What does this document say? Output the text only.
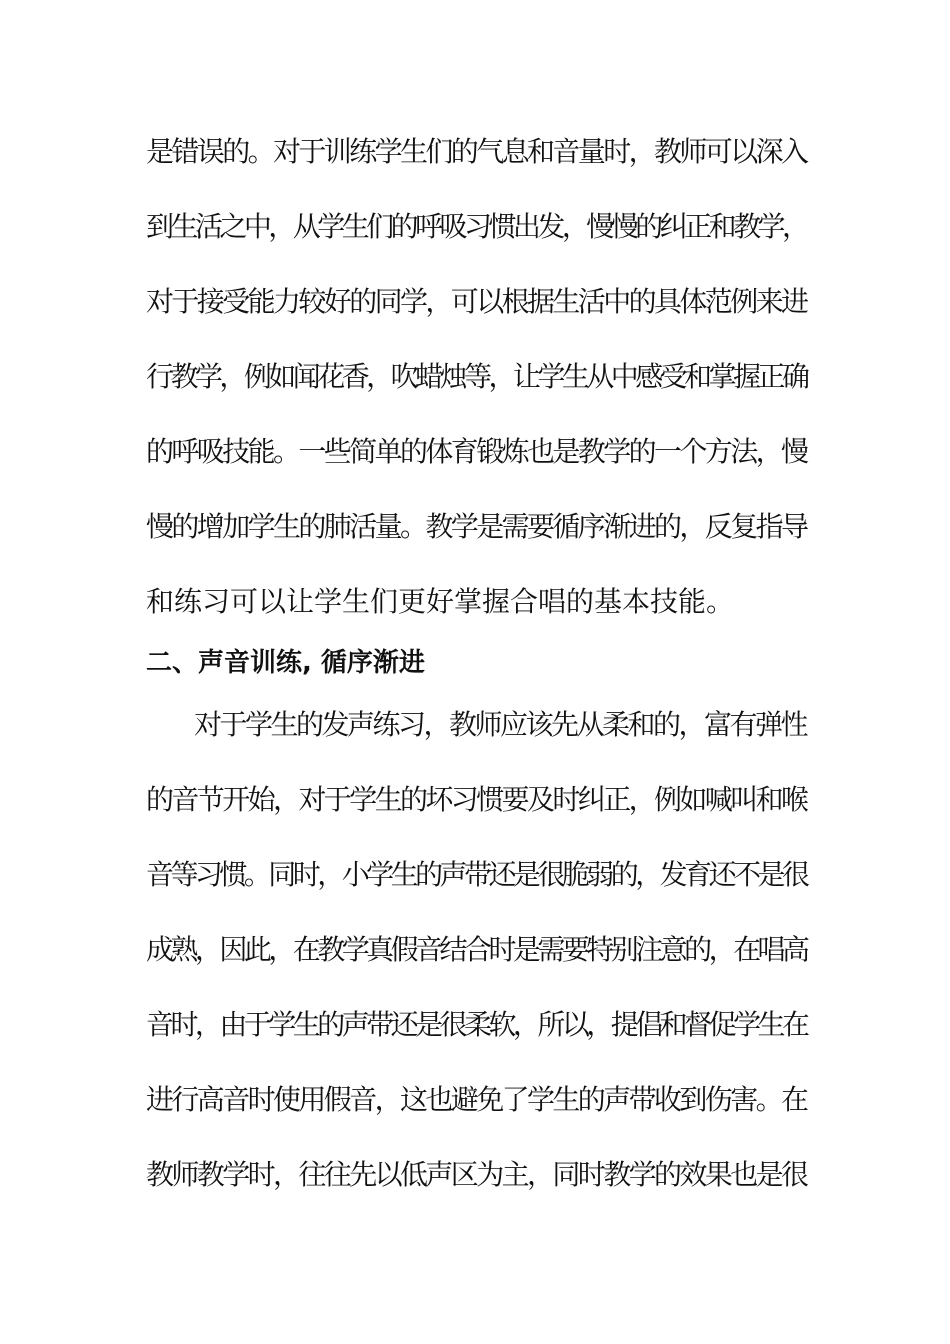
是错误的。对于训练学生们的气息和音量时，教师可以深入
到生活之中，从学生们的呼吸习惯出发，慢慢的纠正和教学，
对于接受能力较好的同学，可以根据生活中的具体范例来进
行教学，例如闻花香，吹蜡烛等，让学生从中感受和掌握正确
的呼吸技能。一些简单的体育锻炼也是教学的一个方法，慢
慢的增加学生的肺活量。教学是需要循序渐进的，反复指导
和练习可以让学生们更好掌握合唱的基本技能。
二、声音训练, 循序渐进
对于学生的发声练习，教师应该先从柔和的，富有弹性
的音节开始，对于学生的坏习惯要及时纠正，例如喊叫和喉
音等习惯。同时，小学生的声带还是很脆弱的，发育还不是很
成熟，因此，在教学真假音结合时是需要特别注意的，在唱高
音时，由于学生的声带还是很柔软，所以，提倡和督促学生在
进行高音时使用假音，这也避免了学生的声带收到伤害。在
教师教学时，往往先以低声区为主，同时教学的效果也是很
